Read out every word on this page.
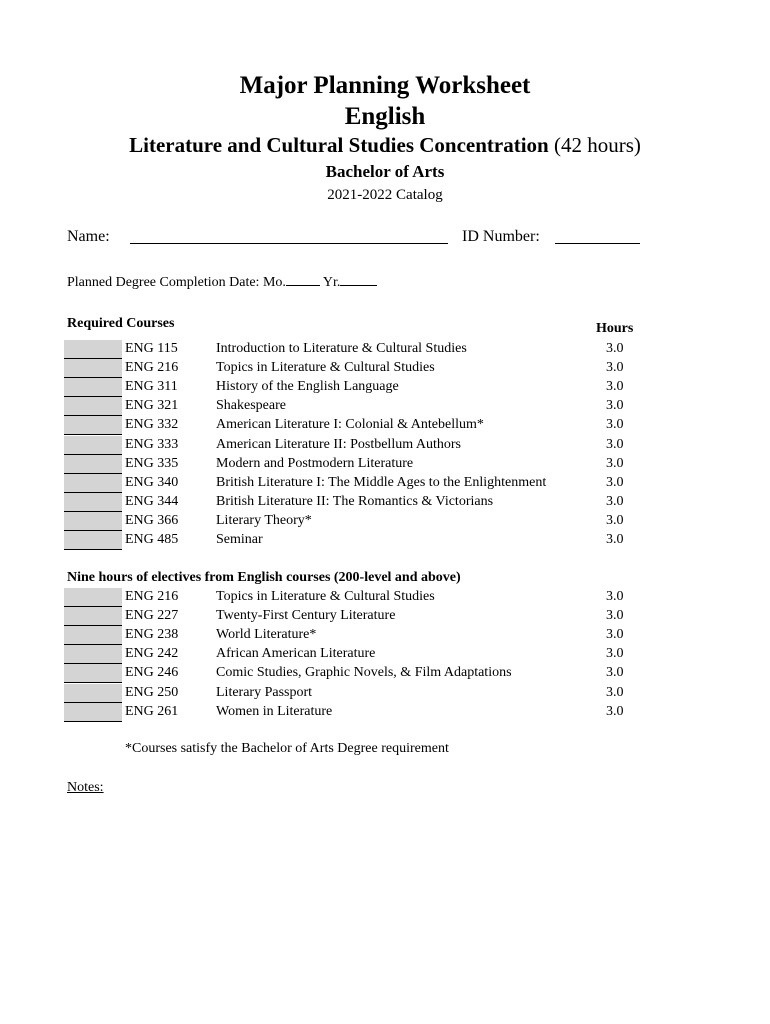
Major Planning Worksheet
English
Literature and Cultural Studies Concentration (42 hours)
Bachelor of Arts
2021-2022 Catalog
Name:	ID Number:
Planned Degree Completion Date: Mo.	Yr.
Required Courses	Hours
ENG 115	Introduction to Literature & Cultural Studies	3.0
ENG 216	Topics in Literature & Cultural Studies	3.0
ENG 311	History of the English Language	3.0
ENG 321	Shakespeare	3.0
ENG 332	American Literature I: Colonial & Antebellum*	3.0
ENG 333	American Literature II: Postbellum Authors	3.0
ENG 335	Modern and Postmodern Literature	3.0
ENG 340	British Literature I: The Middle Ages to the Enlightenment	3.0
ENG 344	British Literature II: The Romantics & Victorians	3.0
ENG 366	Literary Theory*	3.0
ENG 485	Seminar	3.0
Nine hours of electives from English courses (200-level and above)
ENG 216	Topics in Literature & Cultural Studies	3.0
ENG 227	Twenty-First Century Literature	3.0
ENG 238	World Literature*	3.0
ENG 242	African American Literature	3.0
ENG 246	Comic Studies, Graphic Novels, & Film Adaptations	3.0
ENG 250	Literary Passport	3.0
ENG 261	Women in Literature	3.0
*Courses satisfy the Bachelor of Arts Degree requirement
Notes:
